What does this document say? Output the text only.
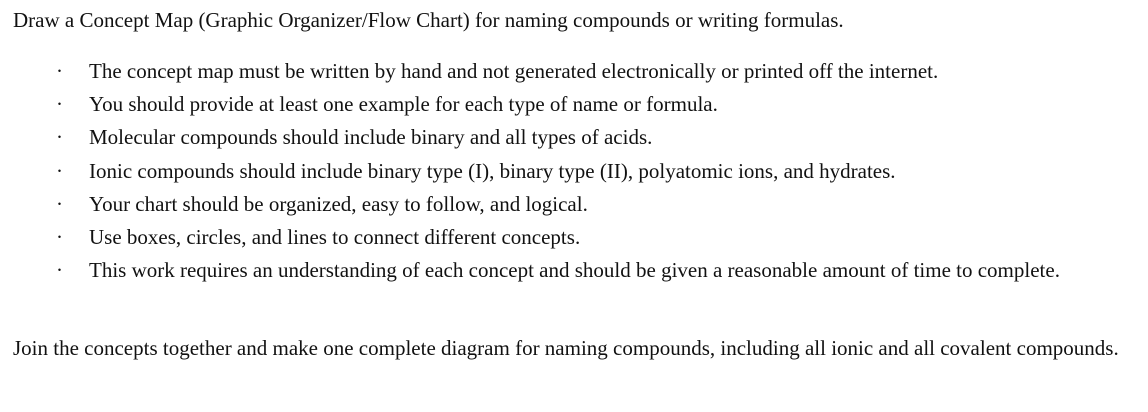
Draw a Concept Map (Graphic Organizer/Flow Chart) for naming compounds or writing formulas.
· The concept map must be written by hand and not generated electronically or printed off the internet.
· You should provide at least one example for each type of name or formula.
· Molecular compounds should include binary and all types of acids.
· Ionic compounds should include binary type (I), binary type (II), polyatomic ions, and hydrates.
· Your chart should be organized, easy to follow, and logical.
· Use boxes, circles, and lines to connect different concepts.
· This work requires an understanding of each concept and should be given a reasonable amount of time to complete.
Join the concepts together and make one complete diagram for naming compounds, including all ionic and all covalent compounds.
